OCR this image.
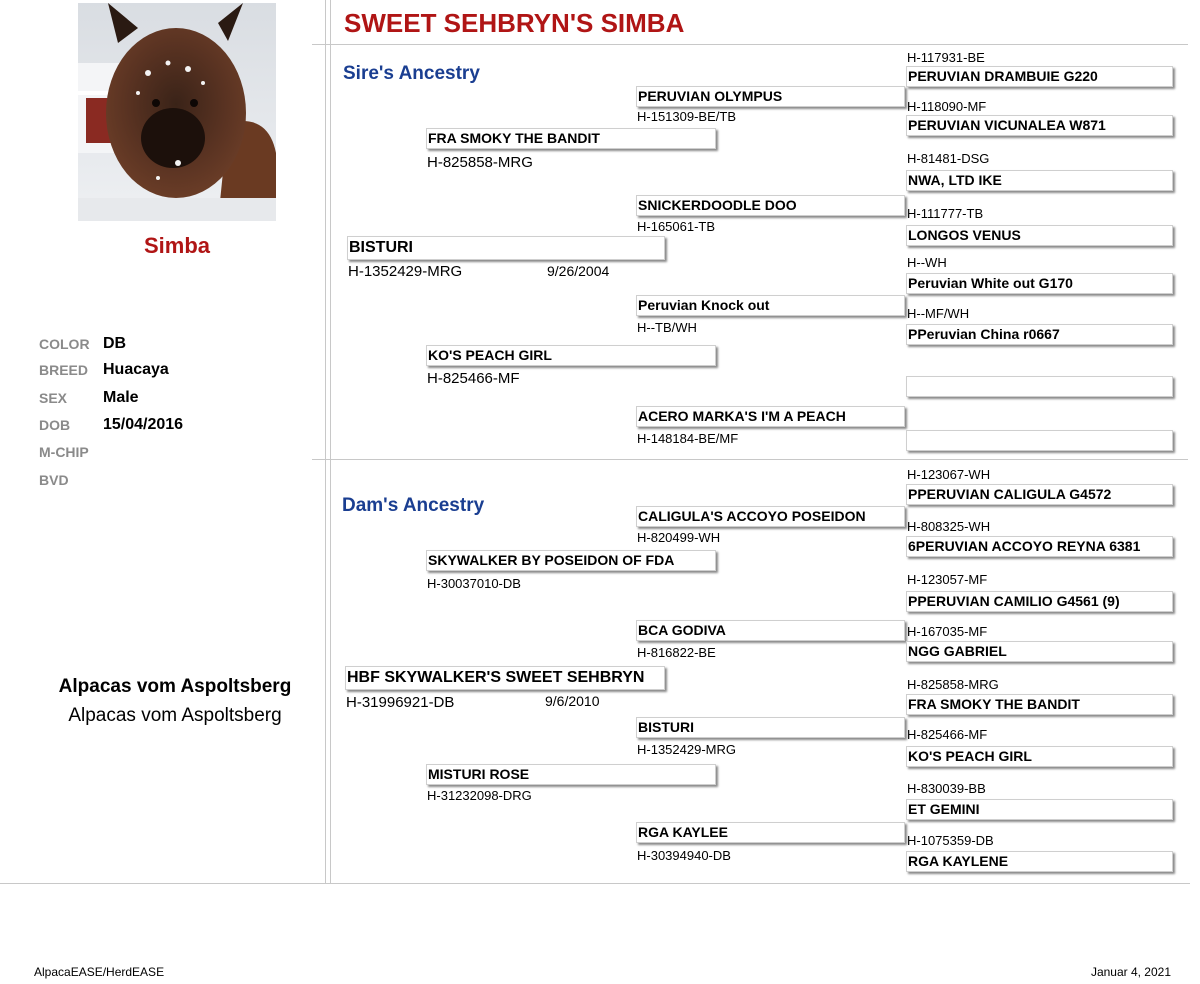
Simba
COLOR DB
BREED Huacaya
SEX Male
DOB 15/04/2016
M-CHIP
BVD
Alpacas vom Aspoltsberg
Alpacas vom Aspoltsberg
SWEET SEHBRYN'S SIMBA
Sire's Ancestry
BISTURI
H-1352429-MRG	9/26/2004
FRA SMOKY THE BANDIT
H-825858-MRG
KO'S PEACH GIRL
H-825466-MF
PERUVIAN OLYMPUS
H-151309-BE/TB
SNICKERDOODLE DOO
H-165061-TB
Peruvian Knock out
H--TB/WH
ACERO MARKA'S I'M A PEACH
H-148184-BE/MF
H-117931-BE
PERUVIAN DRAMBUIE G220
H-118090-MF
PERUVIAN VICUNALEA W871
H-81481-DSG
NWA, LTD IKE
H-111777-TB
LONGOS VENUS
H--WH
Peruvian White out G170
H--MF/WH
PPeruvian China r0667
Dam's Ancestry
HBF SKYWALKER'S SWEET SEHBRYN
H-31996921-DB	9/6/2010
SKYWALKER BY POSEIDON OF FDA
H-30037010-DB
MISTURI ROSE
H-31232098-DRG
CALIGULA'S ACCOYO POSEIDON
H-820499-WH
BCA GODIVA
H-816822-BE
BISTURI
H-1352429-MRG
RGA KAYLEE
H-30394940-DB
H-123067-WH
PPERUVIAN CALIGULA G4572
H-808325-WH
6PERUVIAN ACCOYO REYNA 6381
H-123057-MF
PPERUVIAN CAMILIO G4561 (9)
H-167035-MF
NGG GABRIEL
H-825858-MRG
FRA SMOKY THE BANDIT
H-825466-MF
KO'S PEACH GIRL
H-830039-BB
ET GEMINI
H-1075359-DB
RGA KAYLENE
AlpacaEASE/HerdEASE	Januar 4, 2021
